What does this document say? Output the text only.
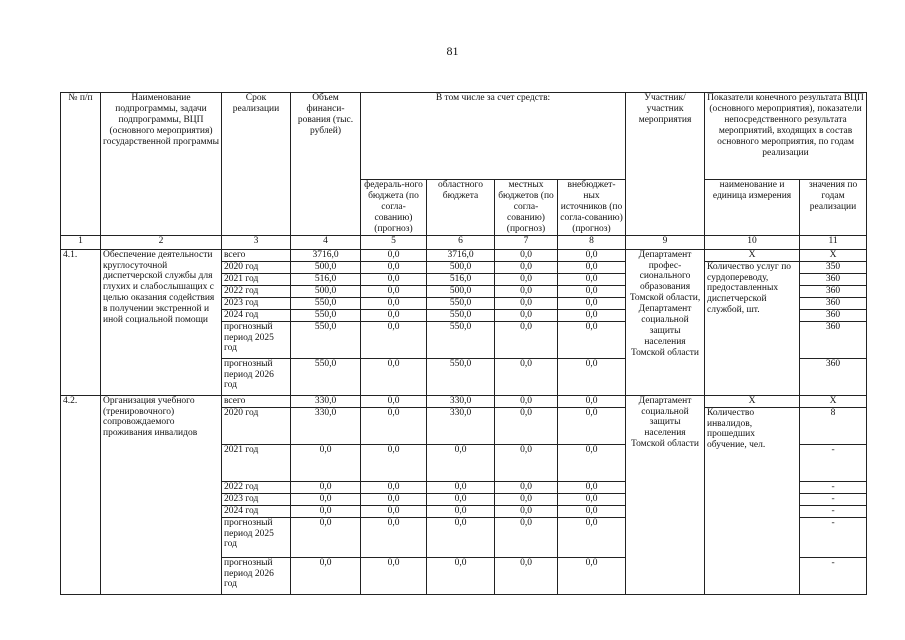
81
№ п/п	Наименование подпрограммы, задачи подпрограммы, ВЦП (основного мероприятия) государственной программы	Срок реализации	Объем финанси-рования (тыс. рублей)	В том числе за счет средств:				Участник/ участник мероприятия	Показатели конечного результата ВЦП (основного мероприятия), показатели непосредственного результата мероприятий, входящих в состав основного мероприятия, по годам реализации	
				федераль-ного бюджета (по согла-сованию) (прогноз)	областного бюджета	местных бюджетов (по согла-сованию) (прогноз)	внебюджет-ных источников (по согла-сованию) (прогноз)		наименование и единица измерения	значения по годам реализации
1	2	3	4	5	6	7	8	9	10	11
4.1.	Обеспечение деятельности круглосуточной диспетчерской службы для глухих и слабослышащих с целью оказания содействия в получении экстренной и иной социальной помощи	всего	3716,0	0,0	3716,0	0,0	0,0	Департамент профес-сионального образования Томской области, Департамент социальной защиты населения Томской области	Х	Х
		2020 год	500,0	0,0	500,0	0,0	0,0		Количество услуг по сурдопереводу, предоставленных диспетчерской службой, шт.	350
		2021 год	516,0	0,0	516,0	0,0	0,0			360
		2022 год	500,0	0,0	500,0	0,0	0,0			360
		2023 год	550,0	0,0	550,0	0,0	0,0			360
		2024 год	550,0	0,0	550,0	0,0	0,0			360
		прогнозный период 2025 год	550,0	0,0	550,0	0,0	0,0			360
		прогнозный период 2026 год	550,0	0,0	550,0	0,0	0,0			360
4.2.	Организация учебного (тренировочного) сопровождаемого проживания инвалидов	всего	330,0	0,0	330,0	0,0	0,0	Департамент социальной защиты населения Томской области	Х	Х
		2020 год	330,0	0,0	330,0	0,0	0,0		Количество инвалидов, прошедших обучение, чел.	8
		2021 год	0,0	0,0	0,0	0,0	0,0			-
		2022 год	0,0	0,0	0,0	0,0	0,0			-
		2023 год	0,0	0,0	0,0	0,0	0,0			-
		2024 год	0,0	0,0	0,0	0,0	0,0			-
		прогнозный период 2025 год	0,0	0,0	0,0	0,0	0,0			-
		прогнозный период 2026 год	0,0	0,0	0,0	0,0	0,0			-
